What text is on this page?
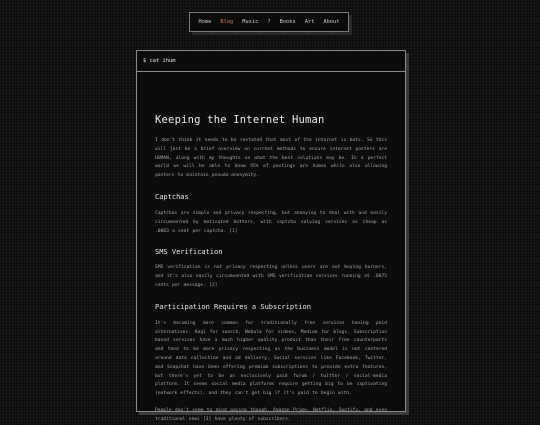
Home Blog Music ? Books Art About
$ cat ihum
Keeping the Internet Human

I don't think it needs to be restated that most of the internet is bots. So this will just be a brief overview on current methods to ensure internet posters are HUMAN, along with my thoughts on what the best solutions may be. In a perfect world we will be able to know 95% of postings are human while also allowing posters to maintain pseudo-anonymity.

Captchas

Captchas are simple and privacy respecting, but annoying to deal with and easily circumvented by motivated botters, with captcha solving services as cheap as .0003 a cent per captcha. [1]

SMS Verification

SMS verification is not privacy respecting unless users are out buying burners, and it's also easily circumvented with SMS verification services running at .0075 cents per message. [2]

Participation Requires a Subscription

It's becoming more common for traditionally free services having paid alternatives. Kagi for search, Nebula for videos, Medium for blogs. Subscription based services have a much higher quality product than their free counterparts and tend to be more privacy respecting as the business model is not centered around data collection and ad delivery. Social services like Facebook, Twitter, and Snapchat have been offering premium subscriptions to provide extra features, but there's yet to be an exclusively paid forum / twitter / social-media platform. It seems social media platforms require getting big to be captivating (network effects), and they can't get big if it's paid to begin with.

People don't seem to mind paying though. Amazon Prime, Netflix, Spotify, and even traditional news [3] have plenty of subscribers.
